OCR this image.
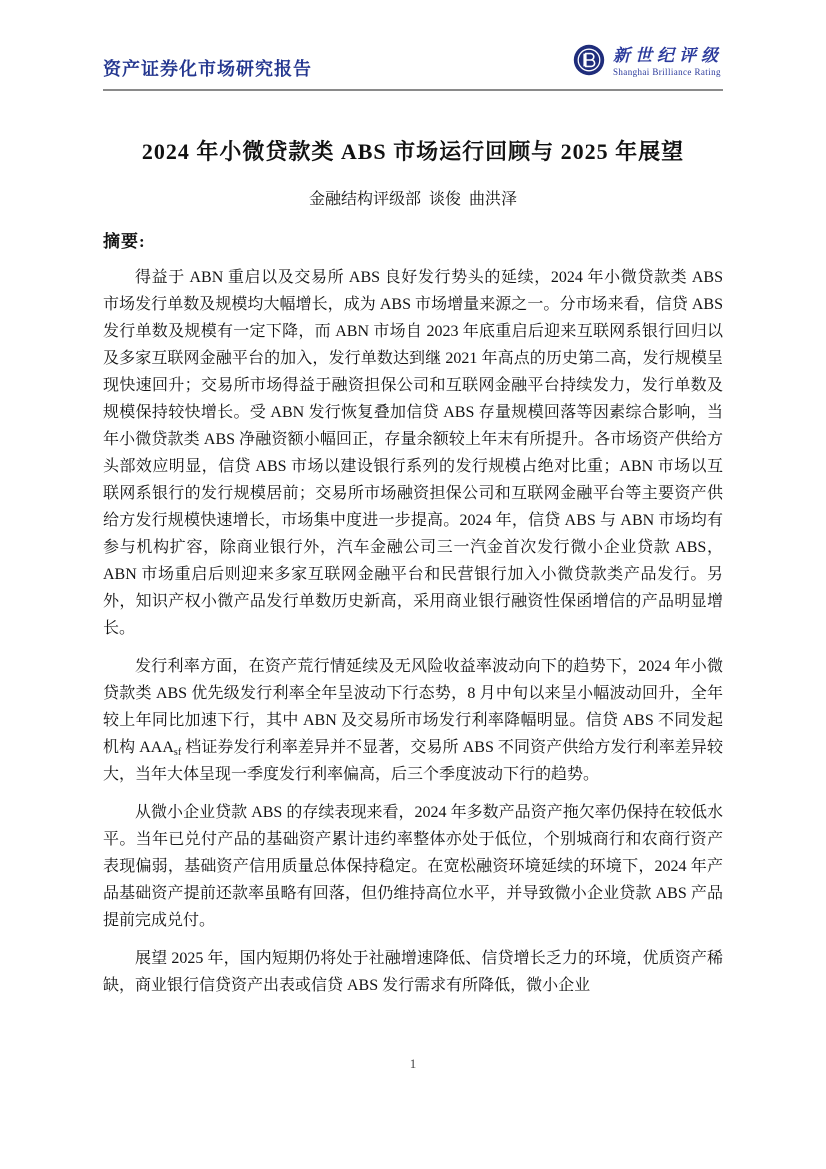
资产证券化市场研究报告
新世纪评级
Shanghai Brilliance Rating
2024 年小微贷款类 ABS 市场运行回顾与 2025 年展望
金融结构评级部  谈俊  曲洪泽
摘要:

得益于 ABN 重启以及交易所 ABS 良好发行势头的延续，2024 年小微贷款类 ABS 市场发行单数及规模均大幅增长，成为 ABS 市场增量来源之一。分市场来看，信贷 ABS 发行单数及规模有一定下降，而 ABN 市场自 2023 年底重启后迎来互联网系银行回归以及多家互联网金融平台的加入，发行单数达到继 2021 年高点的历史第二高，发行规模呈现快速回升；交易所市场得益于融资担保公司和互联网金融平台持续发力，发行单数及规模保持较快增长。受 ABN 发行恢复叠加信贷 ABS 存量规模回落等因素综合影响，当年小微贷款类 ABS 净融资额小幅回正，存量余额较上年末有所提升。各市场资产供给方头部效应明显，信贷 ABS 市场以建设银行系列的发行规模占绝对比重；ABN 市场以互联网系银行的发行规模居前；交易所市场融资担保公司和互联网金融平台等主要资产供给方发行规模快速增长，市场集中度进一步提高。2024 年，信贷 ABS 与 ABN 市场均有参与机构扩容，除商业银行外，汽车金融公司三一汽金首次发行微小企业贷款 ABS，ABN 市场重启后则迎来多家互联网金融平台和民营银行加入小微贷款类产品发行。另外，知识产权小微产品发行单数历史新高，采用商业银行融资性保函增信的产品明显增长。

发行利率方面，在资产荒行情延续及无风险收益率波动向下的趋势下，2024 年小微贷款类 ABS 优先级发行利率全年呈波动下行态势，8 月中旬以来呈小幅波动回升，全年较上年同比加速下行，其中 ABN 及交易所市场发行利率降幅明显。信贷 ABS 不同发起机构 $AAA_{sf}$ 档证券发行利率差异并不显著，交易所 ABS 不同资产供给方发行利率差异较大，当年大体呈现一季度发行利率偏高，后三个季度波动下行的趋势。

从微小企业贷款 ABS 的存续表现来看，2024 年多数产品资产拖欠率仍保持在较低水平。当年已兑付产品的基础资产累计违约率整体亦处于低位，个别城商行和农商行资产表现偏弱，基础资产信用质量总体保持稳定。在宽松融资环境延续的环境下，2024 年产品基础资产提前还款率虽略有回落，但仍维持高位水平，并导致微小企业贷款 ABS 产品提前完成兑付。

展望 2025 年，国内短期仍将处于社融增速降低、信贷增长乏力的环境，优质资产稀缺，商业银行信贷资产出表或信贷 ABS 发行需求有所降低，微小企业

1
